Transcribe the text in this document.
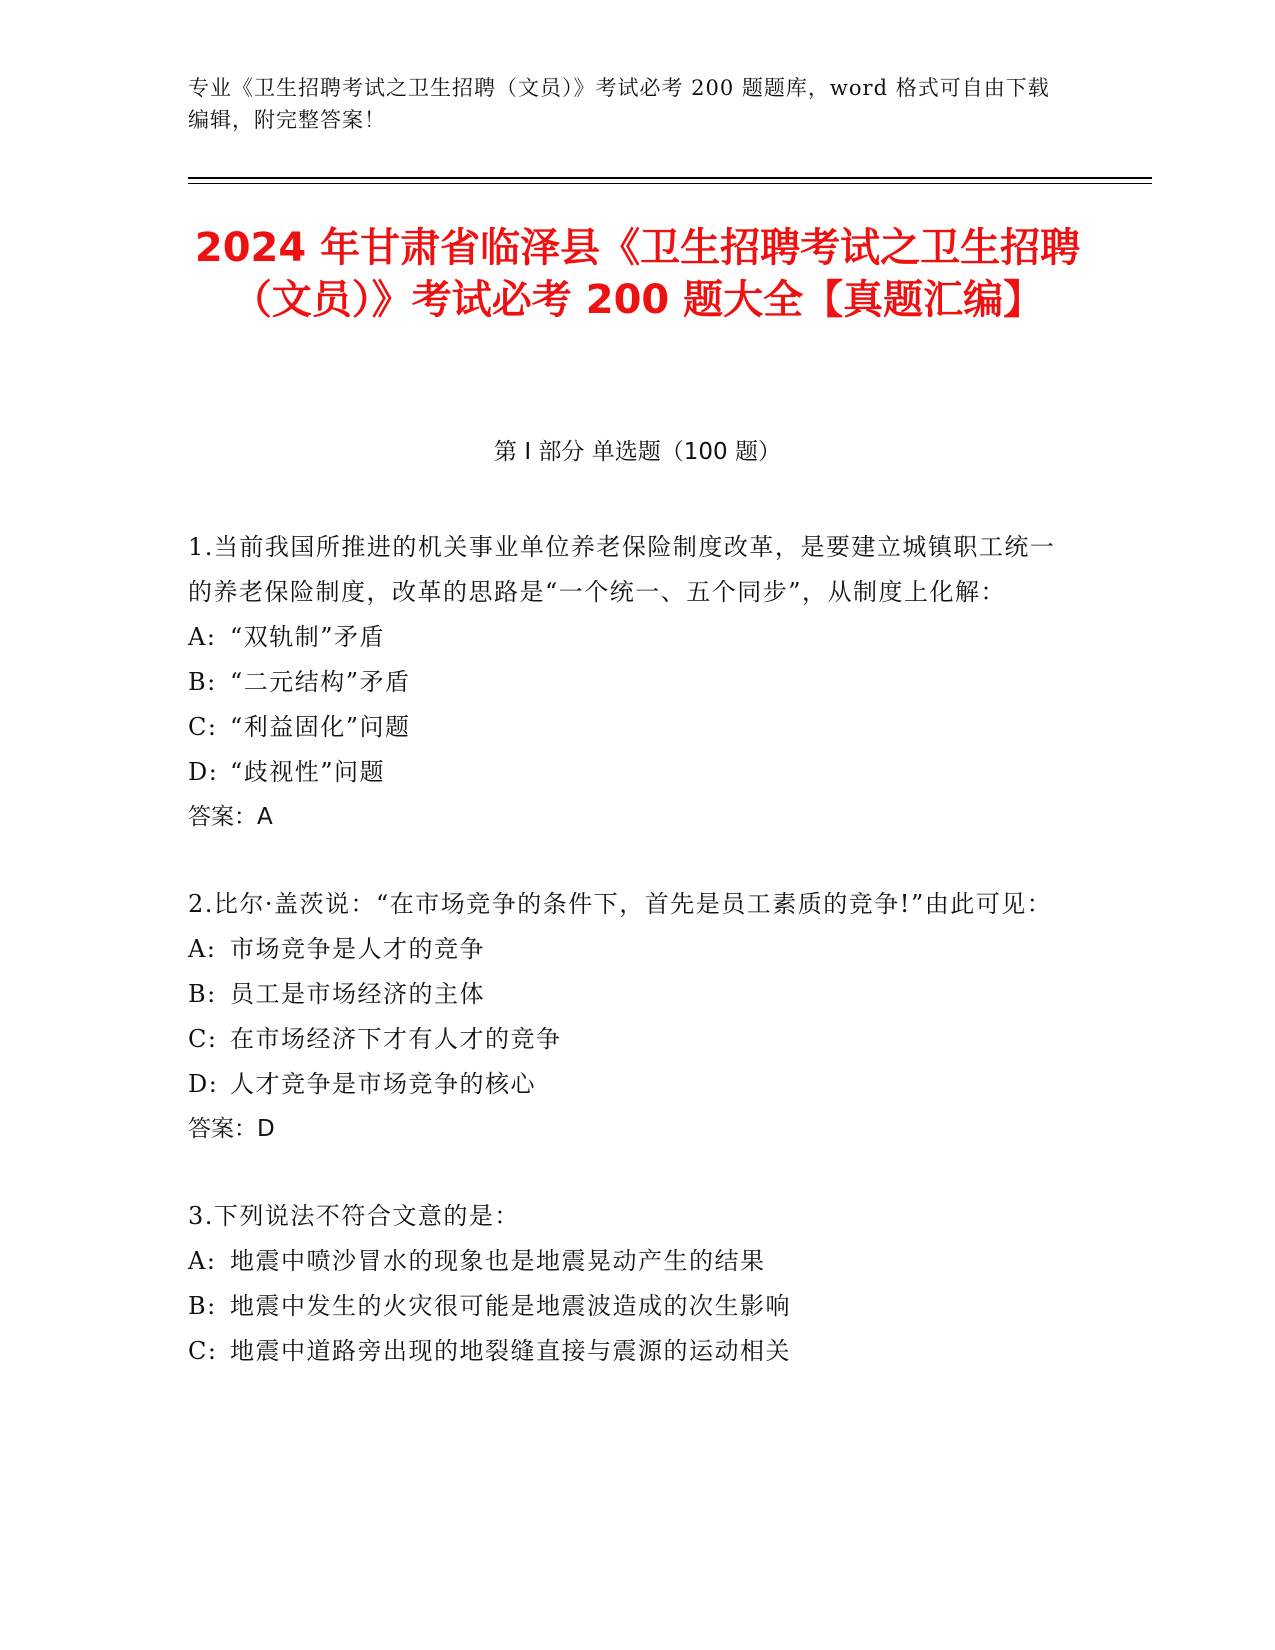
专业《卫生招聘考试之卫生招聘（文员）》考试必考 200 题题库，word 格式可自由下载编辑，附完整答案！
2024 年甘肃省临泽县《卫生招聘考试之卫生招聘（文员）》考试必考 200 题大全【真题汇编】
第 I 部分 单选题（100 题）

1.当前我国所推进的机关事业单位养老保险制度改革，是要建立城镇职工统一的养老保险制度，改革的思路是“一个统一、五个同步”，从制度上化解：

A: “双轨制”矛盾

B: “二元结构”矛盾

C: “利益固化”问题

D: “歧视性”问题

答案：A

2.比尔·盖茨说：“在市场竞争的条件下，首先是员工素质的竞争!”由此可见：

A: 市场竞争是人才的竞争

B: 员工是市场经济的主体

C: 在市场经济下才有人才的竞争

D: 人才竞争是市场竞争的核心

答案：D

3.下列说法不符合文意的是：

A: 地震中喷沙冒水的现象也是地震晃动产生的结果

B: 地震中发生的火灾很可能是地震波造成的次生影响

C: 地震中道路旁出现的地裂缝直接与震源的运动相关
